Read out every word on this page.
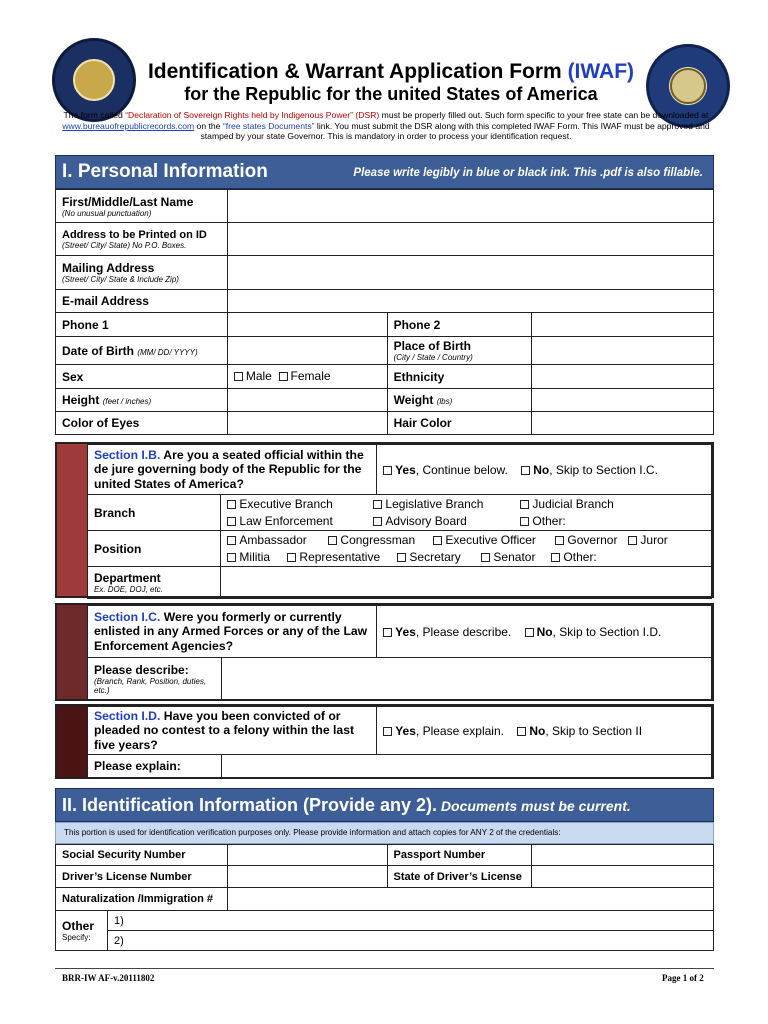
Identification & Warrant Application Form (IWAF)
for the Republic for the united States of America
The form called “Declaration of Sovereign Rights held by Indigenous Power” (DSR) must be properly filled out. Such form specific to your free state can be downloaded at www.bureauofrepublicrecords.com on the “free states Documents” link. You must submit the DSR along with this completed IWAF Form. This IWAF must be approved and stamped by your state Governor. This is mandatory in order to process your identification request.
I. Personal Information	Please write legibly in blue or black ink. This .pdf is also fillable.
First/Middle/Last Name
(No unusual punctuation)			

Address to be Printed on ID
(Street/ City/ State) No P.O. Boxes.			

Mailing Address
(Street/ City/ State & Include Zip)			

E-mail Address			
Phone 1		Phone 2	
Date of Birth (MM/ DD/ YYYY)		Place of Birth
(City / State / Country)	

Sex	Male Female	Ethnicity	
Height (feet / inches)		Weight (lbs)	
Color of Eyes		Hair Color	
Section I.B. Are you a seated official within the de jure governing body of the Republic for the united States of America?		Yes, Continue below. No, Skip to Section I.C.
Branch	Executive Branch Legislative Branch Judicial Branch
Law Enforcement Advisory Board Other:	

Position	Ambassador Congressman Executive Officer Governor Juror
Militia Representative Secretary Senator Other:	

Department
Ex. DOE, DOJ, etc.		

Section I.C. Were you formerly or currently enlisted in any Armed Forces or any of the Law Enforcement Agencies?		Yes, Please describe. No, Skip to Section I.D.
Please describe:
(Branch, Rank, Position, duties, etc.)		

Section I.D. Have you been convicted of or pleaded no contest to a felony within the last five years?		Yes, Please explain. No, Skip to Section II
Please explain:		
II. Identification Information (Provide any 2). Documents must be current.
This portion is used for identification verification purposes only. Please provide information and attach copies for ANY 2 of the credentials:
Social Security Number			Passport Number	
Driver’s License Number			State of Driver’s License	
Naturalization /Immigration #				
Other
Specify:	1)			
	2)			
BRR-IW AF-v.20111802	Page 1 of 2
